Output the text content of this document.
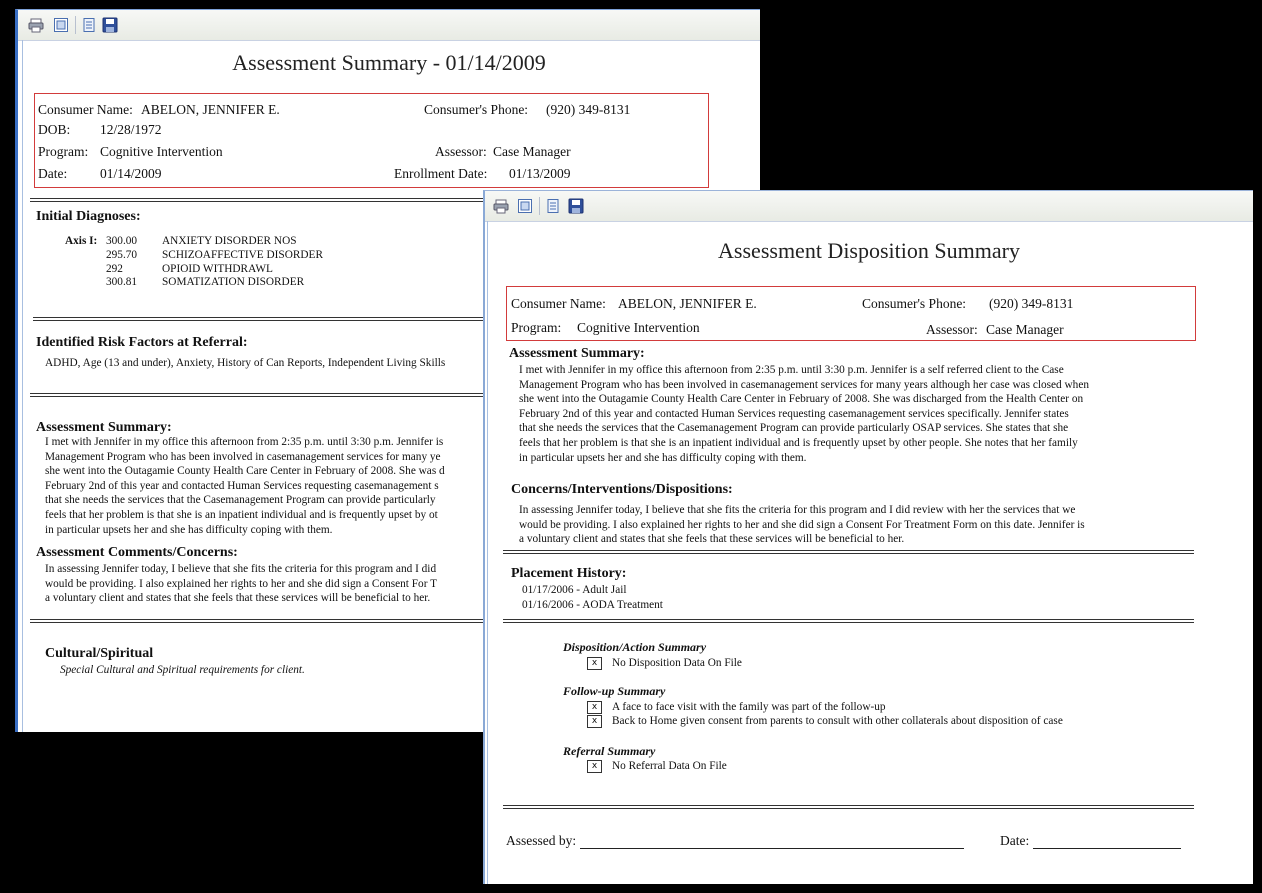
Assessment Summary - 01/14/2009
Consumer Name: ABELON, JENNIFER E.	Consumer's Phone: (920) 349-8131
DOB: 12/28/1972
Program: Cognitive Intervention	Assessor: Case Manager
Date: 01/14/2009	Enrollment Date: 01/13/2009
Initial Diagnoses:
Axis I: 300.00 ANXIETY DISORDER NOS
295.70 SCHIZOAFFECTIVE DISORDER
292	OPIOID WITHDRAWL
300.81 SOMATIZATION DISORDER
Identified Risk Factors at Referral:
ADHD, Age (13 and under), Anxiety, History of Can Reports, Independent Living Skills
Assessment Summary:
I met with Jennifer in my office this afternoon from 2:35 p.m. until 3:30 p.m. Jennifer is
Management Program who has been involved in casemanagement services for many ye
she went into the Outagamie County Health Care Center in February of 2008. She was d
February 2nd of this year and contacted Human Services requesting casemanagement s
that she needs the services that the Casemanagement Program can provide particularly
feels that her problem is that she is an inpatient individual and is frequently upset by ot
in particular upsets her and she has difficulty coping with them.
Assessment Comments/Concerns:
In assessing Jennifer today, I believe that she fits the criteria for this program and I did
would be providing. I also explained her rights to her and she did sign a Consent For T
a voluntary client and states that she feels that these services will be beneficial to her.
Cultural/Spiritual
Special Cultural and Spiritual requirements for client.
Assessment Disposition Summary
Consumer Name: ABELON, JENNIFER E.	Consumer's Phone: (920) 349-8131
Program: Cognitive Intervention	Assessor: Case Manager
Assessment Summary:
I met with Jennifer in my office this afternoon from 2:35 p.m. until 3:30 p.m. Jennifer is a self referred client to the Case
Management Program who has been involved in casemanagement services for many years although her case was closed when
she went into the Outagamie County Health Care Center in February of 2008. She was discharged from the Health Center on
February 2nd of this year and contacted Human Services requesting casemanagement services specifically. Jennifer states
that she needs the services that the Casemanagement Program can provide particularly OSAP services. She states that she
feels that her problem is that she is an inpatient individual and is frequently upset by other people. She notes that her family
in particular upsets her and she has difficulty coping with them.
Concerns/Interventions/Dispositions:
In assessing Jennifer today, I believe that she fits the criteria for this program and I did review with her the services that we
would be providing. I also explained her rights to her and she did sign a Consent For Treatment Form on this date. Jennifer is
a voluntary client and states that she feels that these services will be beneficial to her.
Placement History:
01/17/2006 - Adult Jail
01/16/2006 - AODA Treatment
Disposition/Action Summary
x No Disposition Data On File
Follow-up Summary
x A face to face visit with the family was part of the follow-up
x Back to Home given consent from parents to consult with other collaterals about disposition of case
Referral Summary
x No Referral Data On File
Assessed by:	Date:
